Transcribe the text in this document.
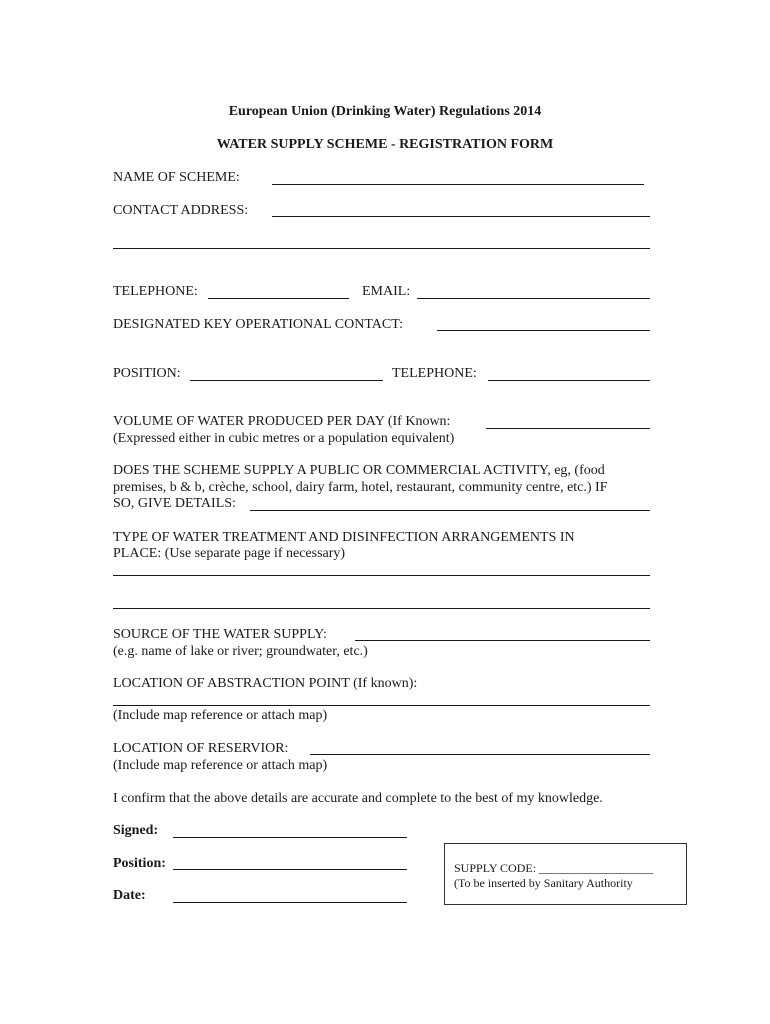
European Union (Drinking Water) Regulations 2014
WATER SUPPLY SCHEME - REGISTRATION FORM
NAME OF SCHEME:
CONTACT ADDRESS:
TELEPHONE:	EMAIL:
DESIGNATED KEY OPERATIONAL CONTACT:
POSITION:	TELEPHONE:
VOLUME OF WATER PRODUCED PER DAY (If Known:
(Expressed either in cubic metres or a population equivalent)
DOES THE SCHEME SUPPLY A PUBLIC OR COMMERCIAL ACTIVITY, eg, (food
premises, b & b, crèche, school, dairy farm, hotel, restaurant, community centre, etc.) IF
SO, GIVE DETAILS:
TYPE OF WATER TREATMENT AND DISINFECTION ARRANGEMENTS IN
PLACE: (Use separate page if necessary)
SOURCE OF THE WATER SUPPLY:
(e.g. name of lake or river; groundwater, etc.)
LOCATION OF ABSTRACTION POINT (If known):
(Include map reference or attach map)
LOCATION OF RESERVIOR:
(Include map reference or attach map)
I confirm that the above details are accurate and complete to the best of my knowledge.
Signed:
Position:
Date:
SUPPLY CODE: ___________________
(To be inserted by Sanitary Authority
